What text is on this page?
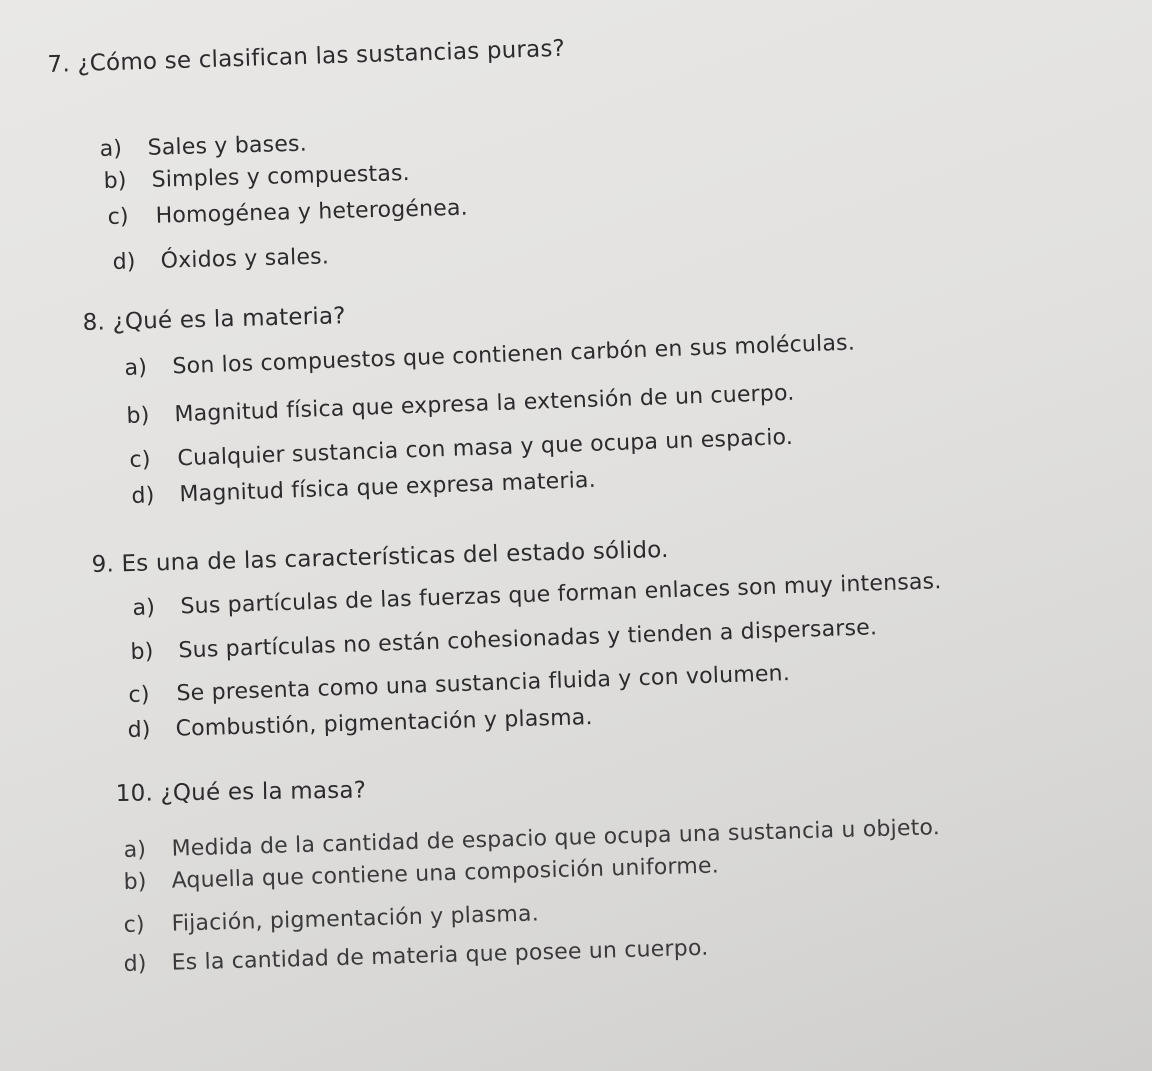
7. ¿Cómo se clasifican las sustancias puras?
a) Sales y bases.
b) Simples y compuestas.
c) Homogénea y heterogénea.
d) Óxidos y sales.
8. ¿Qué es la materia?
a) Son los compuestos que contienen carbón en sus moléculas.
b) Magnitud física que expresa la extensión de un cuerpo.
c) Cualquier sustancia con masa y que ocupa un espacio.
d) Magnitud física que expresa materia.
9. Es una de las características del estado sólido.
a) Sus partículas de las fuerzas que forman enlaces son muy intensas.
b) Sus partículas no están cohesionadas y tienden a dispersarse.
c) Se presenta como una sustancia fluida y con volumen.
d) Combustión, pigmentación y plasma.
10. ¿Qué es la masa?
a) Medida de la cantidad de espacio que ocupa una sustancia u objeto.
b) Aquella que contiene una composición uniforme.
c) Fijación, pigmentación y plasma.
d) Es la cantidad de materia que posee un cuerpo.
